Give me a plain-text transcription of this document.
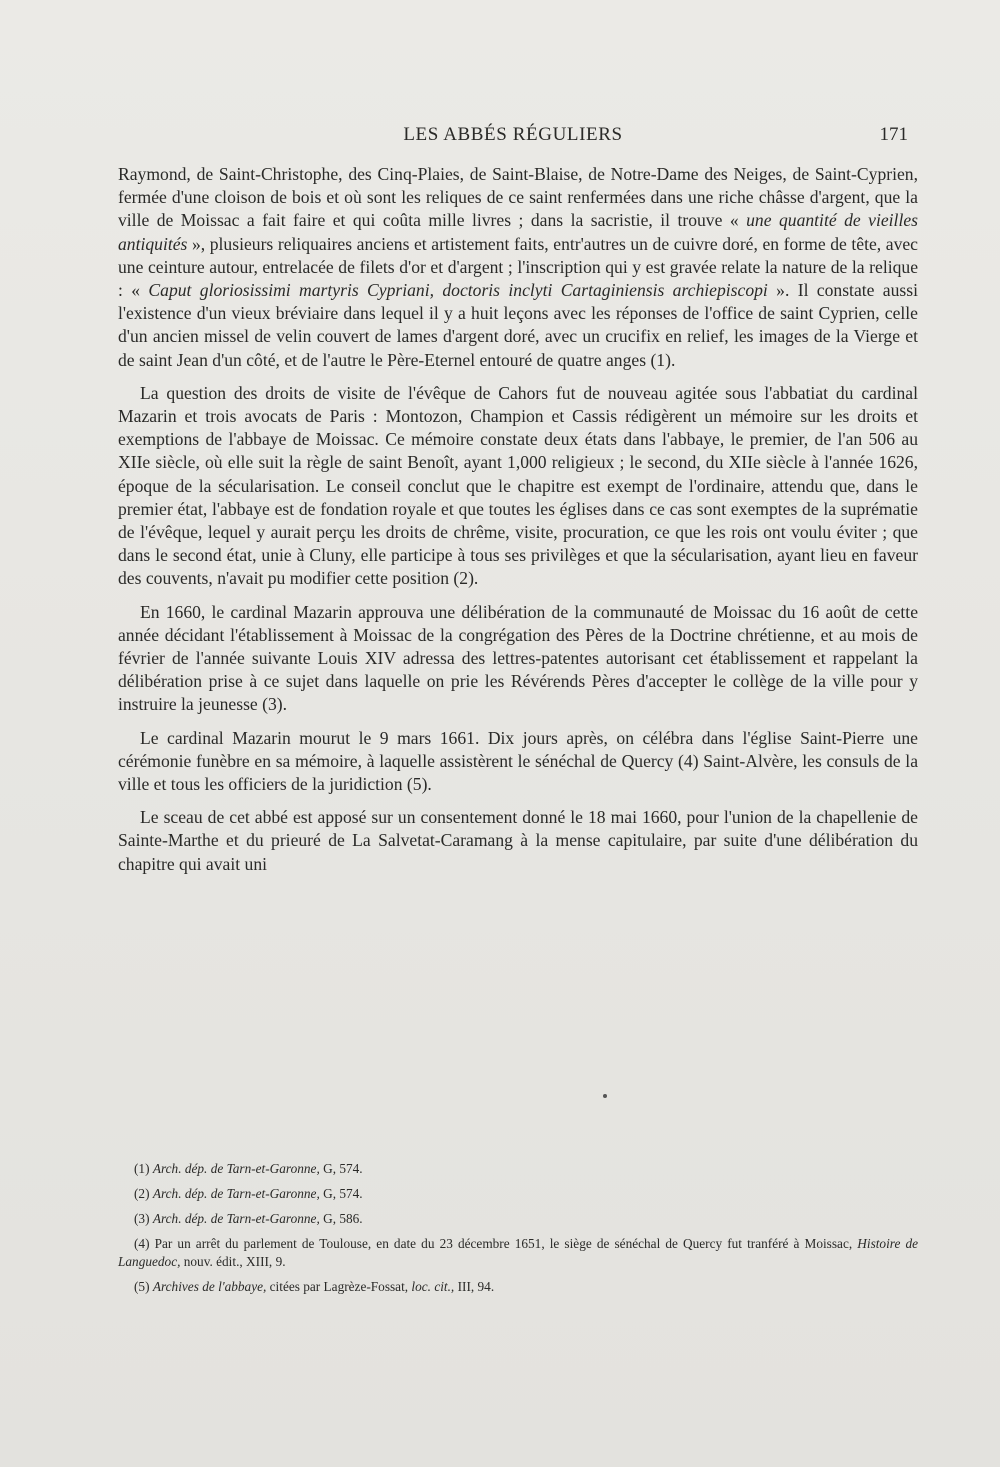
LES ABBÉS RÉGULIERS	171

Raymond, de Saint-Christophe, des Cinq-Plaies, de Saint-Blaise, de Notre-Dame des Neiges, de Saint-Cyprien, fermée d'une cloison de bois et où sont les reliques de ce saint renfermées dans une riche châsse d'argent, que la ville de Moissac a fait faire et qui coûta mille livres ; dans la sacristie, il trouve « une quantité de vieilles antiquités », plusieurs reliquaires anciens et artistement faits, entr'autres un de cuivre doré, en forme de tête, avec une ceinture autour, entrelacée de filets d'or et d'argent ; l'inscription qui y est gravée relate la nature de la relique : « Caput gloriosissimi martyris Cypriani, doctoris inclyti Cartaginiensis archiepiscopi ». Il constate aussi l'existence d'un vieux bréviaire dans lequel il y a huit leçons avec les réponses de l'office de saint Cyprien, celle d'un ancien missel de velin couvert de lames d'argent doré, avec un crucifix en relief, les images de la Vierge et de saint Jean d'un côté, et de l'autre le Père-Eternel entouré de quatre anges (1).

La question des droits de visite de l'évêque de Cahors fut de nouveau agitée sous l'abbatiat du cardinal Mazarin et trois avocats de Paris : Montozon, Champion et Cassis rédigèrent un mémoire sur les droits et exemptions de l'abbaye de Moissac. Ce mémoire constate deux états dans l'abbaye, le premier, de l'an 506 au XIIe siècle, où elle suit la règle de saint Benoît, ayant 1,000 religieux ; le second, du XIIe siècle à l'année 1626, époque de la sécularisation. Le conseil conclut que le chapitre est exempt de l'ordinaire, attendu que, dans le premier état, l'abbaye est de fondation royale et que toutes les églises dans ce cas sont exemptes de la suprématie de l'évêque, lequel y aurait perçu les droits de chrême, visite, procuration, ce que les rois ont voulu éviter ; que dans le second état, unie à Cluny, elle participe à tous ses privilèges et que la sécularisation, ayant lieu en faveur des couvents, n'avait pu modifier cette position (2).

En 1660, le cardinal Mazarin approuva une délibération de la communauté de Moissac du 16 août de cette année décidant l'établissement à Moissac de la congrégation des Pères de la Doctrine chrétienne, et au mois de février de l'année suivante Louis XIV adressa des lettres-patentes autorisant cet établissement et rappelant la délibération prise à ce sujet dans laquelle on prie les Révérends Pères d'accepter le collège de la ville pour y instruire la jeunesse (3).

Le cardinal Mazarin mourut le 9 mars 1661. Dix jours après, on célébra dans l'église Saint-Pierre une cérémonie funèbre en sa mémoire, à laquelle assistèrent le sénéchal de Quercy (4) Saint-Alvère, les consuls de la ville et tous les officiers de la juridiction (5).

Le sceau de cet abbé est apposé sur un consentement donné le 18 mai 1660, pour l'union de la chapellenie de Sainte-Marthe et du prieuré de La Salvetat-Caramang à la mense capitulaire, par suite d'une délibération du chapitre qui avait uni

(1) Arch. dép. de Tarn-et-Garonne, G, 574.
(2) Arch. dép. de Tarn-et-Garonne, G, 574.
(3) Arch. dép. de Tarn-et-Garonne, G, 586.
(4) Par un arrêt du parlement de Toulouse, en date du 23 décembre 1651, le siège de sénéchal de Quercy fut tranféré à Moissac, Histoire de Languedoc, nouv. édit., XIII, 9.
(5) Archives de l'abbaye, citées par Lagrèze-Fossat, loc. cit., III, 94.
